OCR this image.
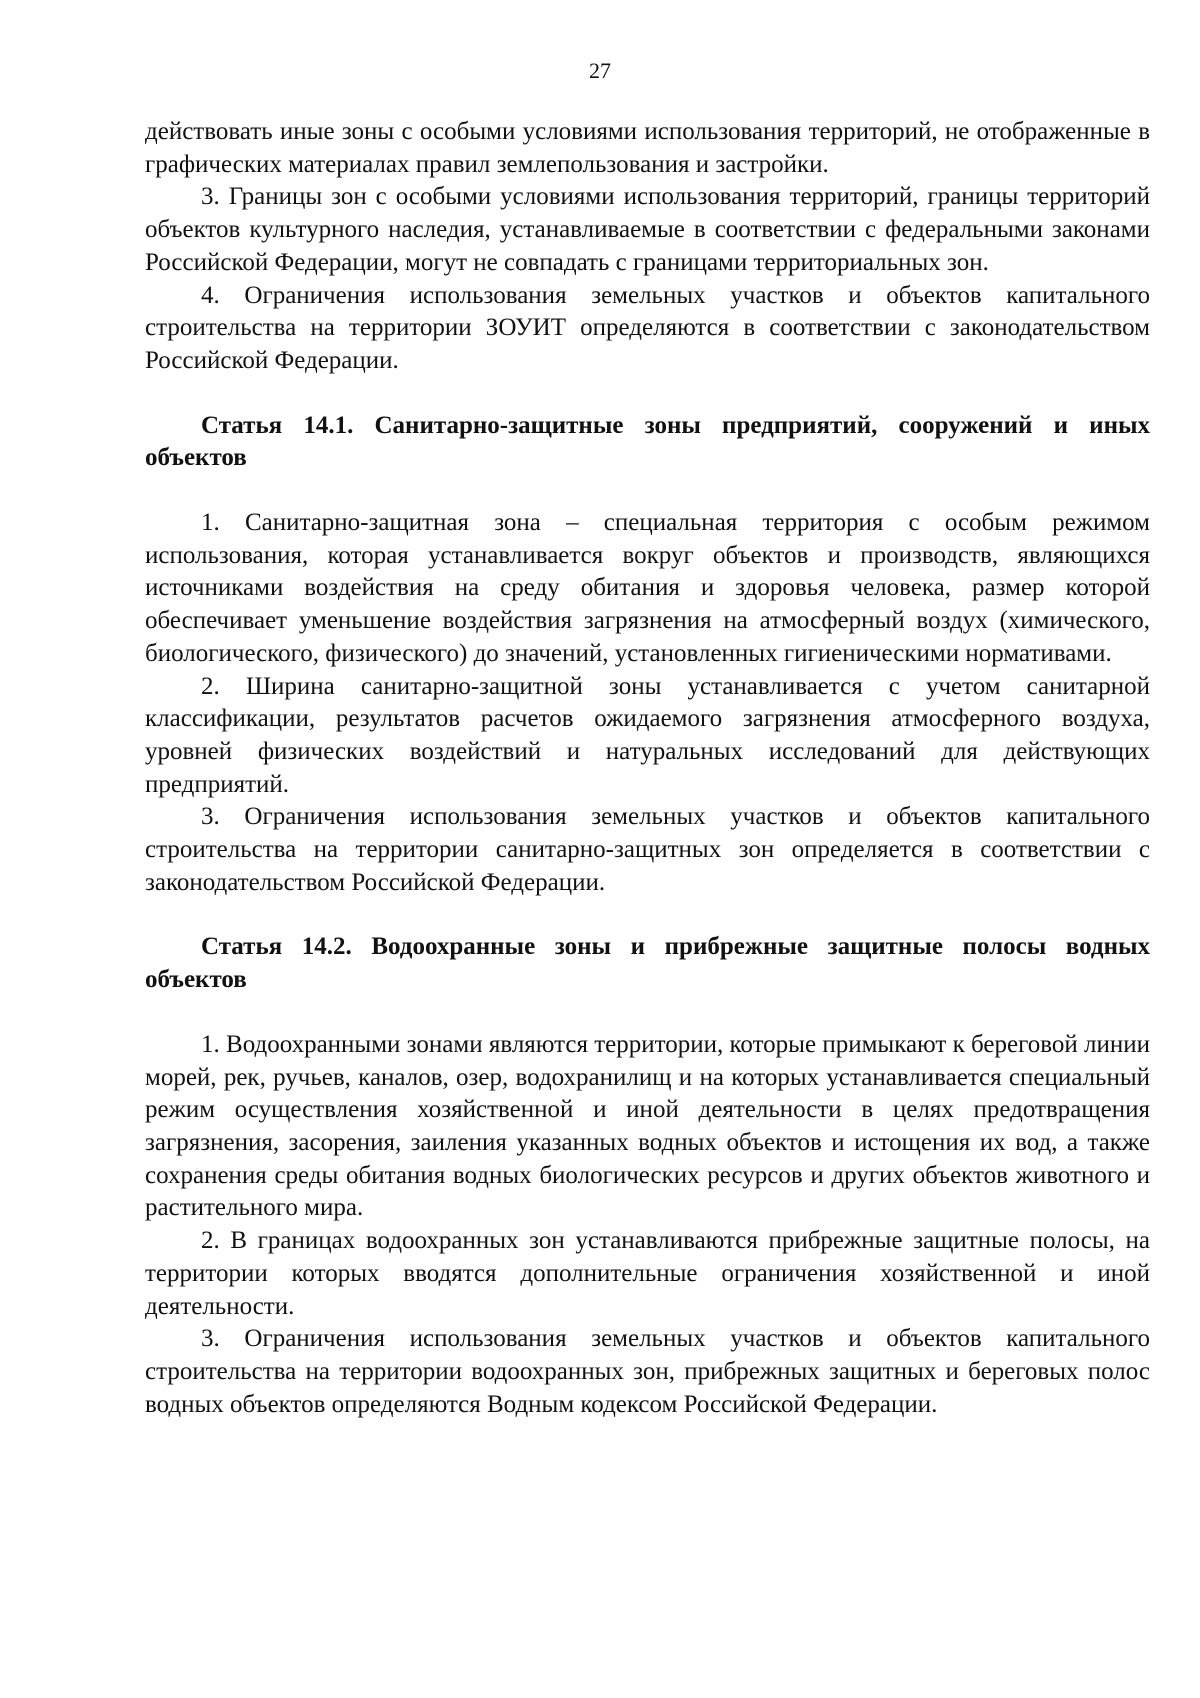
27

действовать иные зоны с особыми условиями использования территорий, не отображенные в графических материалах правил землепользования и застройки.

3. Границы зон с особыми условиями использования территорий, границы территорий объектов культурного наследия, устанавливаемые в соответствии с федеральными законами Российской Федерации, могут не совпадать с границами территориальных зон.

4. Ограничения использования земельных участков и объектов капитального строительства на территории ЗОУИТ определяются в соответствии с законодательством Российской Федерации.

Статья 14.1. Санитарно-защитные зоны предприятий, сооружений и иных объектов

1. Санитарно-защитная зона – специальная территория с особым режимом использования, которая устанавливается вокруг объектов и производств, являющихся источниками воздействия на среду обитания и здоровья человека, размер которой обеспечивает уменьшение воздействия загрязнения на атмосферный воздух (химического, биологического, физического) до значений, установленных гигиеническими нормативами.

2. Ширина санитарно-защитной зоны устанавливается с учетом санитарной классификации, результатов расчетов ожидаемого загрязнения атмосферного воздуха, уровней физических воздействий и натуральных исследований для действующих предприятий.

3. Ограничения использования земельных участков и объектов капитального строительства на территории санитарно-защитных зон определяется в соответствии с законодательством Российской Федерации.

Статья 14.2. Водоохранные зоны и прибрежные защитные полосы водных объектов

1. Водоохранными зонами являются территории, которые примыкают к береговой линии морей, рек, ручьев, каналов, озер, водохранилищ и на которых устанавливается специальный режим осуществления хозяйственной и иной деятельности в целях предотвращения загрязнения, засорения, заиления указанных водных объектов и истощения их вод, а также сохранения среды обитания водных биологических ресурсов и других объектов животного и растительного мира.

2. В границах водоохранных зон устанавливаются прибрежные защитные полосы, на территории которых вводятся дополнительные ограничения хозяйственной и иной деятельности.

3. Ограничения использования земельных участков и объектов капитального строительства на территории водоохранных зон, прибрежных защитных и береговых полос водных объектов определяются Водным кодексом Российской Федерации.
